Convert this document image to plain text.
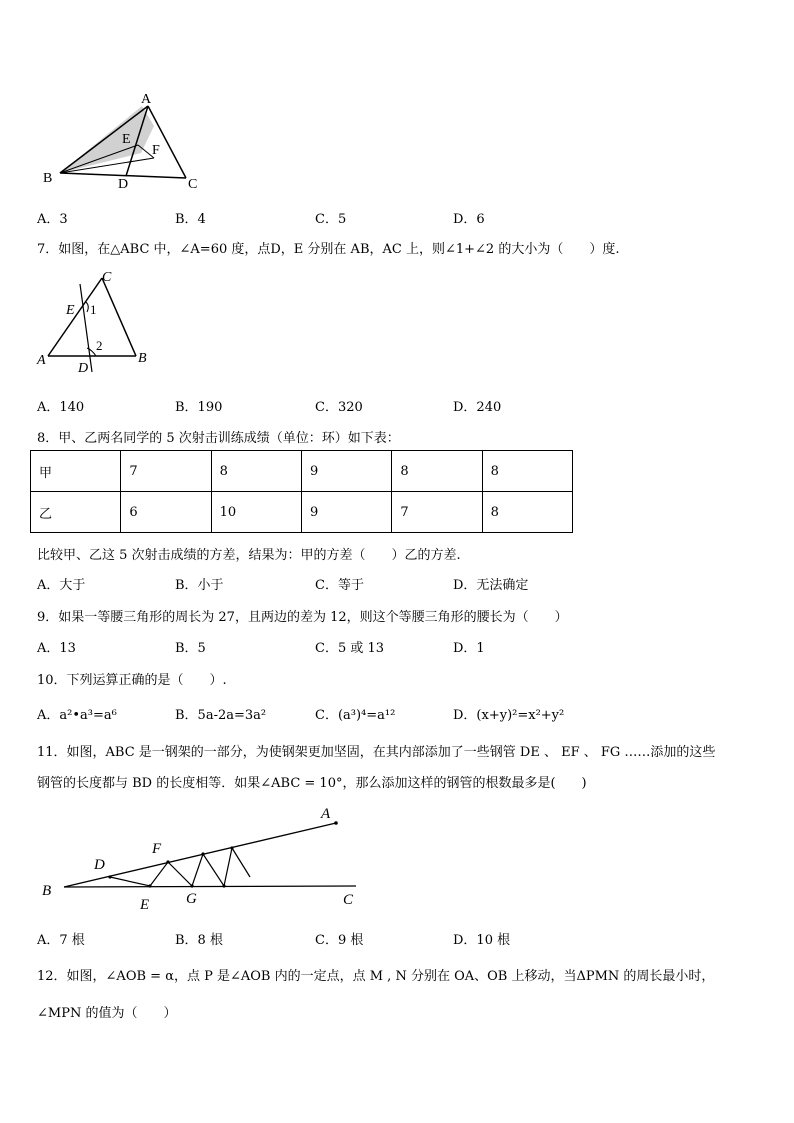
A
E
F
B	D	C
A．3	B．4	C．5	D．6
7．如图，在△ABC 中，∠A=60 度，点D，E 分别在 AB，AC 上，则∠1+∠2 的大小为（　　）度.
C
E 1
2
A
D
B
A．140	B．190	C．320	D．240
8．甲、乙两名同学的 5 次射击训练成绩（单位：环）如下表：
甲	7	8	9	8	8
乙	6	10	9	7	8
比较甲、乙这 5 次射击成绩的方差，结果为：甲的方差（　　）乙的方差.
A．大于	B．小于	C．等于	D．无法确定
9．如果一等腰三角形的周长为 27，且两边的差为 12，则这个等腰三角形的腰长为（　　）
A．13	B．5	C．5 或 13	D．1
10．下列运算正确的是（　　）.
A．a²•a³=a⁶	B．5a-2a=3a²	C．(a³)⁴=a¹²	D．(x+y)²=x²+y²
11．如图，ABC 是一钢架的一部分，为使钢架更加坚固，在其内部添加了一些钢管 DE 、 EF 、 FG ……添加的这些
钢管的长度都与 BD 的长度相等．如果∠ABC = 10°，那么添加这样的钢管的根数最多是(　　)
A
D
F
B
E G	C
A．7 根	B．8 根	C．9 根	D．10 根
12．如图，∠AOB = α，点 P 是∠AOB 内的一定点，点 M , N 分别在 OA、OB 上移动，当ΔPMN 的周长最小时，
∠MPN 的值为（　　）
